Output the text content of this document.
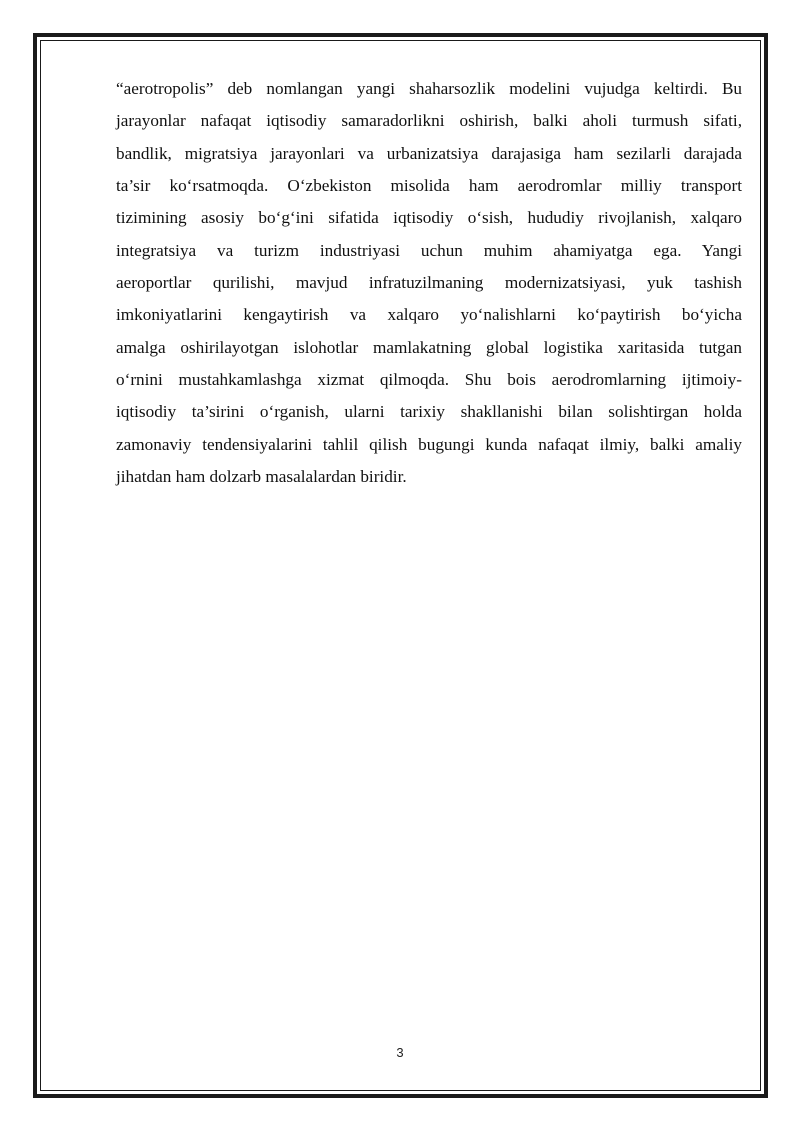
“aerotropolis” deb nomlangan yangi shaharsozlik modelini vujudga keltirdi. Bu
jarayonlar nafaqat iqtisodiy samaradorlikni oshirish, balki aholi turmush sifati,
bandlik, migratsiya jarayonlari va urbanizatsiya darajasiga ham sezilarli darajada
ta’sir ko‘rsatmoqda. O‘zbekiston misolida ham aerodromlar milliy transport
tizimining asosiy bo‘g‘ini sifatida iqtisodiy o‘sish, hududiy rivojlanish, xalqaro
integratsiya va turizm industriyasi uchun muhim ahamiyatga ega. Yangi
aeroportlar qurilishi, mavjud infratuzilmaning modernizatsiyasi, yuk tashish
imkoniyatlarini kengaytirish va xalqaro yo‘nalishlarni ko‘paytirish bo‘yicha
amalga oshirilayotgan islohotlar mamlakatning global logistika xaritasida tutgan
o‘rnini mustahkamlashga xizmat qilmoqda. Shu bois aerodromlarning ijtimoiy-
iqtisodiy ta’sirini o‘rganish, ularni tarixiy shakllanishi bilan solishtirgan holda
zamonaviy tendensiyalarini tahlil qilish bugungi kunda nafaqat ilmiy, balki amaliy
jihatdan ham dolzarb masalalardan biridir.
3
